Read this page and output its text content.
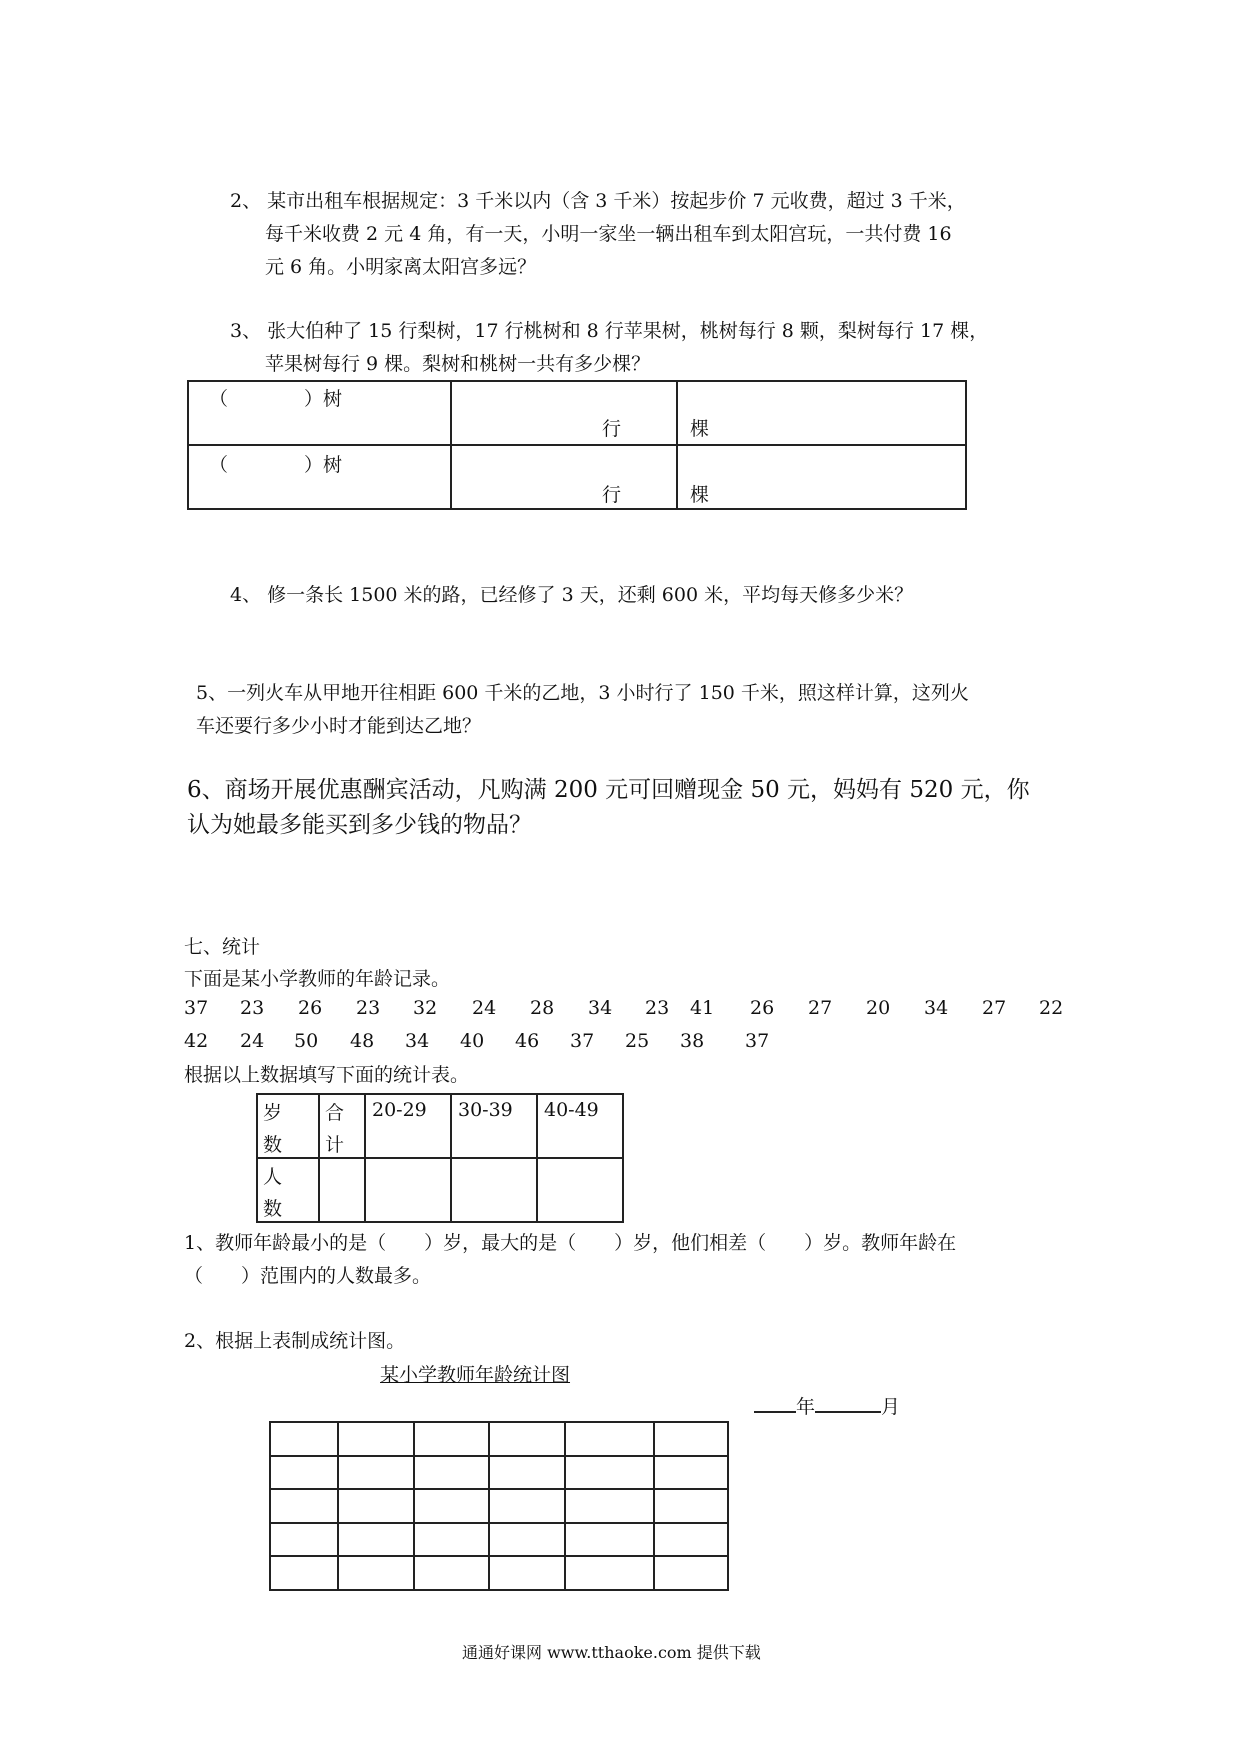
2、 某市出租车根据规定：3 千米以内（含 3 千米）按起步价 7 元收费，超过 3 千米，
每千米收费 2 元 4 角，有一天，小明一家坐一辆出租车到太阳宫玩，一共付费 16
元 6 角。小明家离太阳宫多远？
3、 张大伯种了 15 行梨树，17 行桃树和 8 行苹果树，桃树每行 8 颗，梨树每行 17 棵，
苹果树每行 9 棵。梨树和桃树一共有多少棵？
（　　　　）树	行	棵

（　　　　）树	行	棵
4、 修一条长 1500 米的路，已经修了 3 天，还剩 600 米，平均每天修多少米？
5、一列火车从甲地开往相距 600 千米的乙地，3 小时行了 150 千米，照这样计算，这列火
车还要行多少小时才能到达乙地？
6、商场开展优惠酬宾活动，凡购满 200 元可回赠现金 50 元，妈妈有 520 元，你
认为她最多能买到多少钱的物品？
七、统计
下面是某小学教师的年龄记录。
37 23 26 23 32 24 28 34 23 41 26 27 20 34 27 22
42 24 50 48 34 40 46 37 25 38 37
根据以上数据填写下面的统计表。
岁数	合计	20-29	30-39	40-49

人数				

1、教师年龄最小的是（　　）岁，最大的是（　　）岁，他们相差（　　）岁。教师年龄在
（　　）范围内的人数最多。
2、根据上表制成统计图。
某小学教师年龄统计图
年	月
通通好课网 www.tthaoke.com 提供下载
